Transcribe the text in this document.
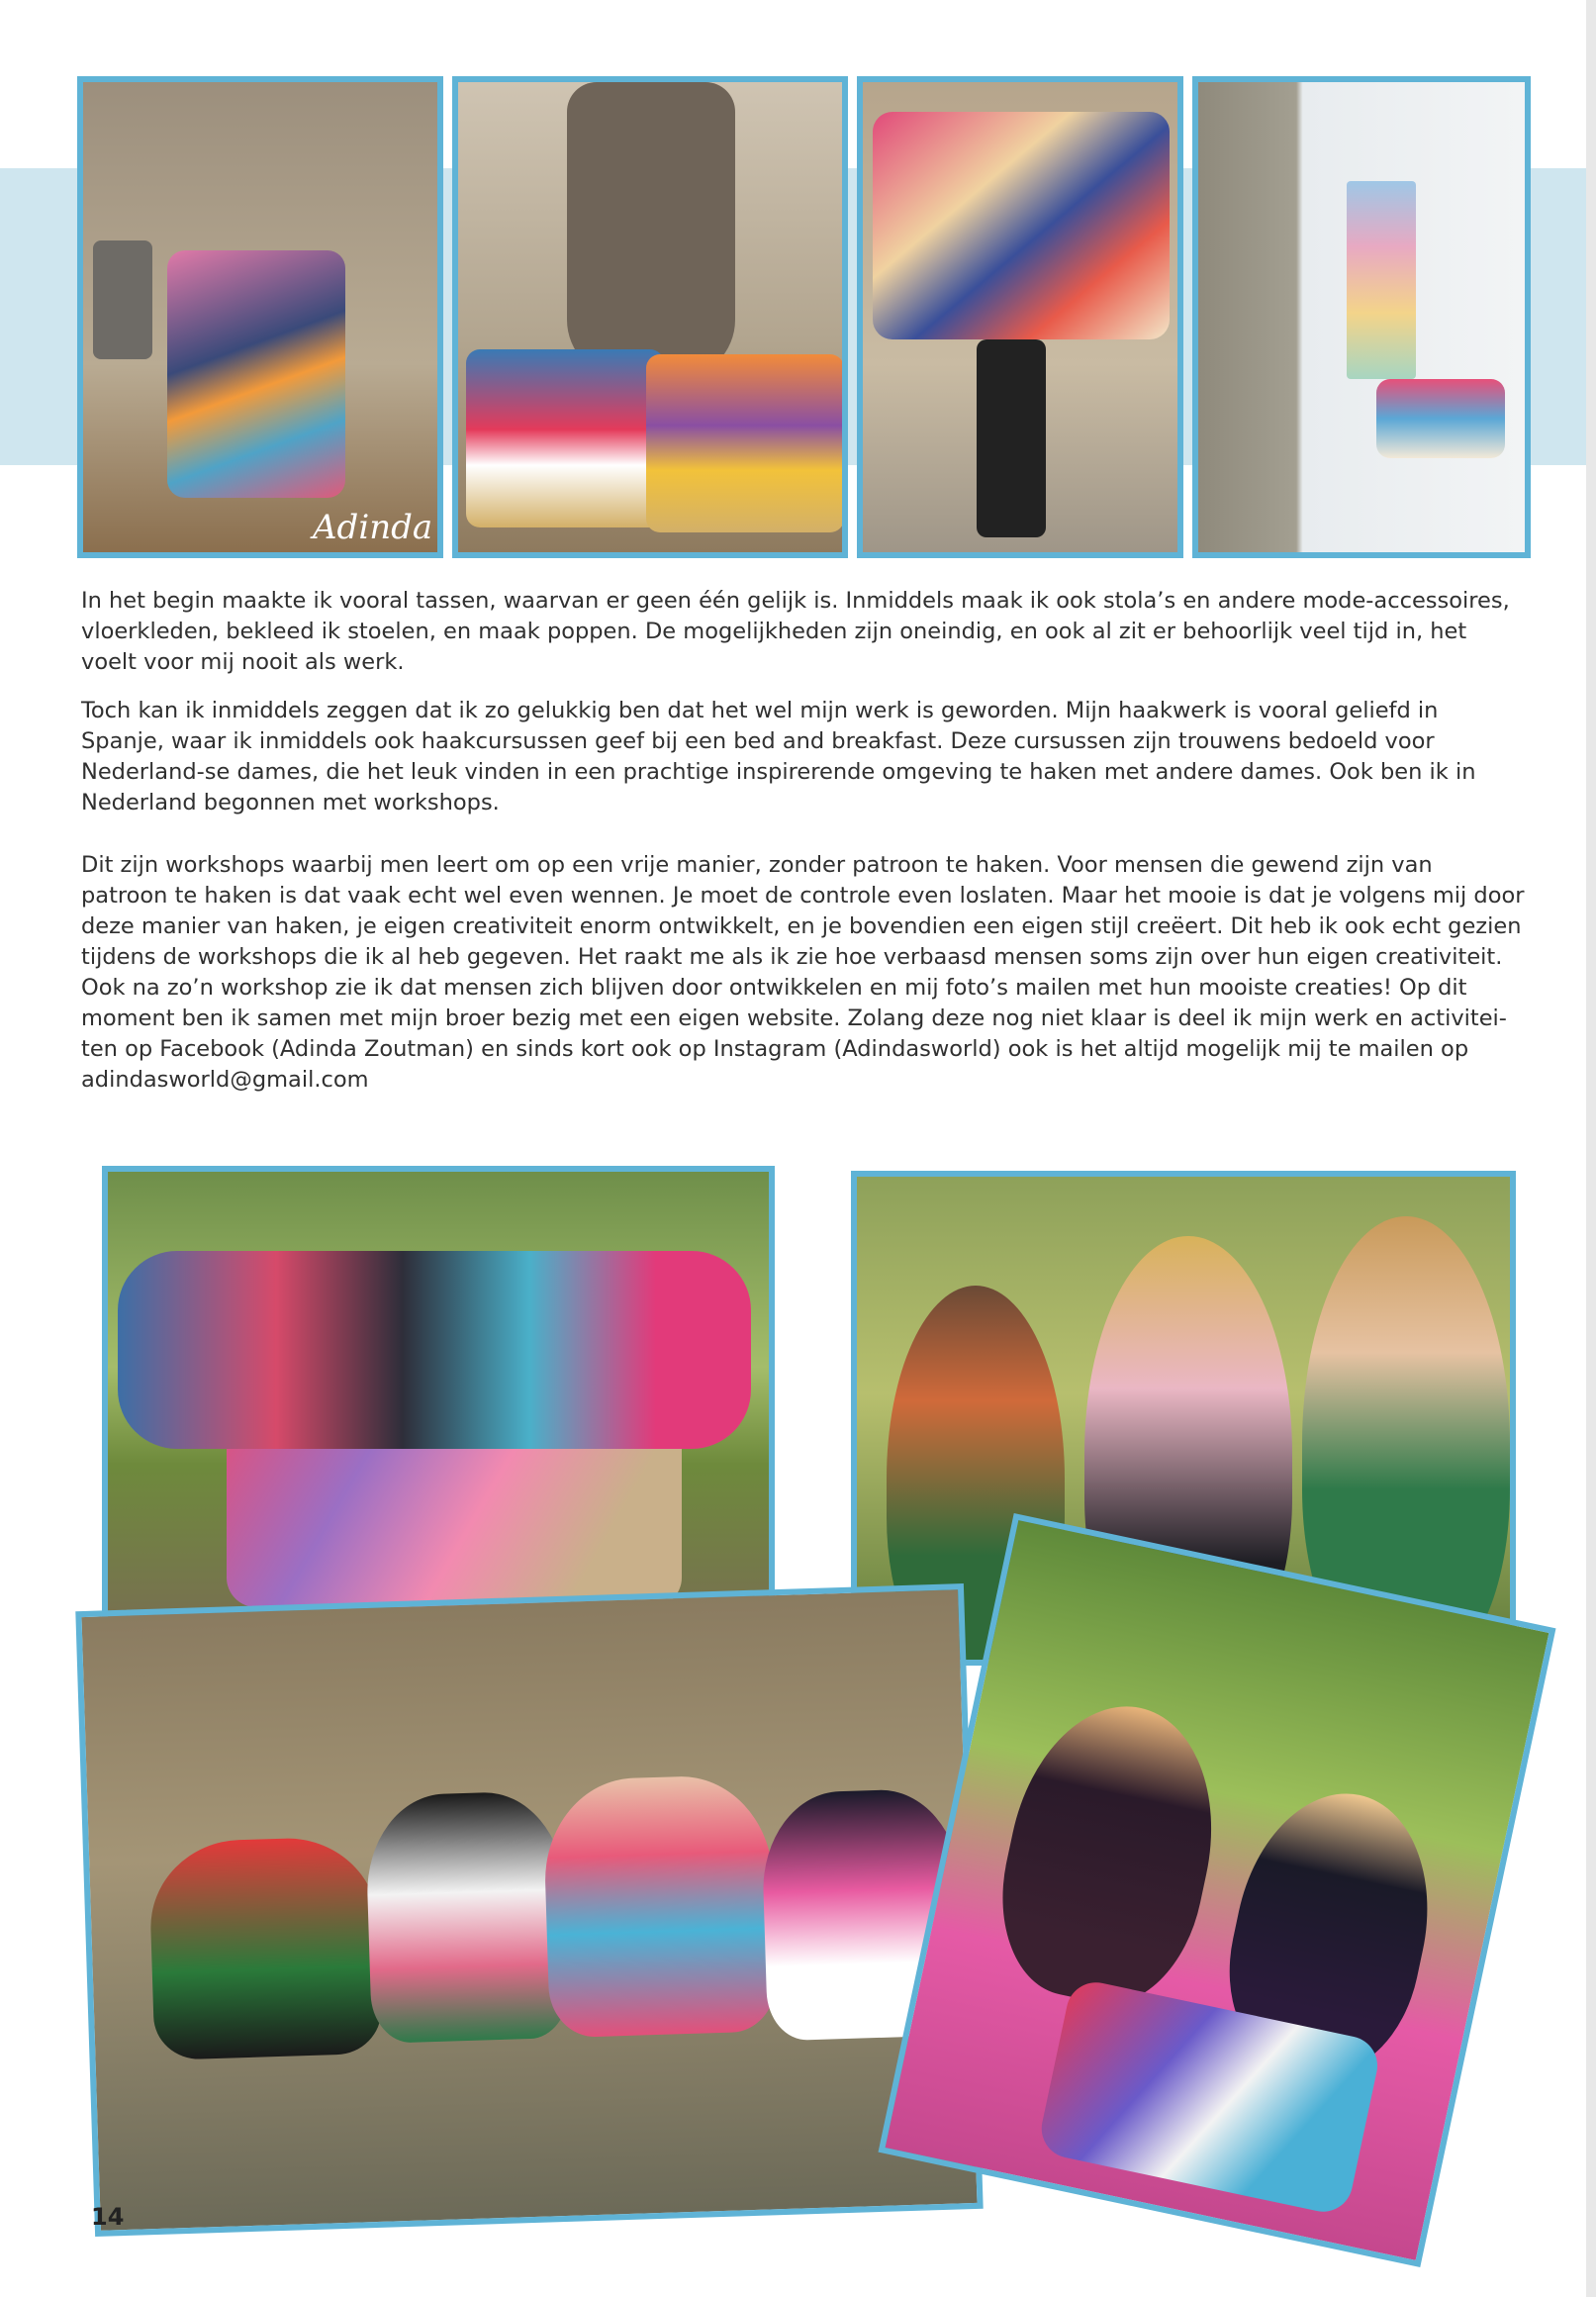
Adinda

In het begin maakte ik vooral tassen, waarvan er geen één gelijk is. Inmiddels maak ik ook stola’s en andere mode-accessoires, vloerkleden, bekleed ik stoelen, en maak poppen. De mogelijkheden zijn oneindig, en ook al zit er behoorlijk veel tijd in, het voelt voor mij nooit als werk.

Toch kan ik inmiddels zeggen dat ik zo gelukkig ben dat het wel mijn werk is geworden. Mijn haakwerk is vooral geliefd in Spanje, waar ik inmiddels ook haakcursussen geef bij een bed and breakfast. Deze cursussen zijn trouwens bedoeld voor Nederland-se dames, die het leuk vinden in een prachtige inspirerende omgeving te haken met andere dames. Ook ben ik in Nederland begonnen met workshops.

Dit zijn workshops waarbij men leert om op een vrije manier, zonder patroon te haken. Voor mensen die gewend zijn van patroon te haken is dat vaak echt wel even wennen. Je moet de controle even loslaten. Maar het mooie is dat je volgens mij door deze manier van haken, je eigen creativiteit enorm ontwikkelt, en je bovendien een eigen stijl creëert. Dit heb ik ook echt gezien tijdens de workshops die ik al heb gegeven. Het raakt me als ik zie hoe verbaasd mensen soms zijn over hun eigen creativiteit. Ook na zo’n workshop zie ik dat mensen zich blijven door ontwikkelen en mij foto’s mailen met hun mooiste creaties! Op dit moment ben ik samen met mijn broer bezig met een eigen website. Zolang deze nog niet klaar is deel ik mijn werk en activitei-ten op Facebook (Adinda Zoutman) en sinds kort ook op Instagram (Adindasworld) ook is het altijd mogelijk mij te mailen op adindasworld@gmail.com

14
